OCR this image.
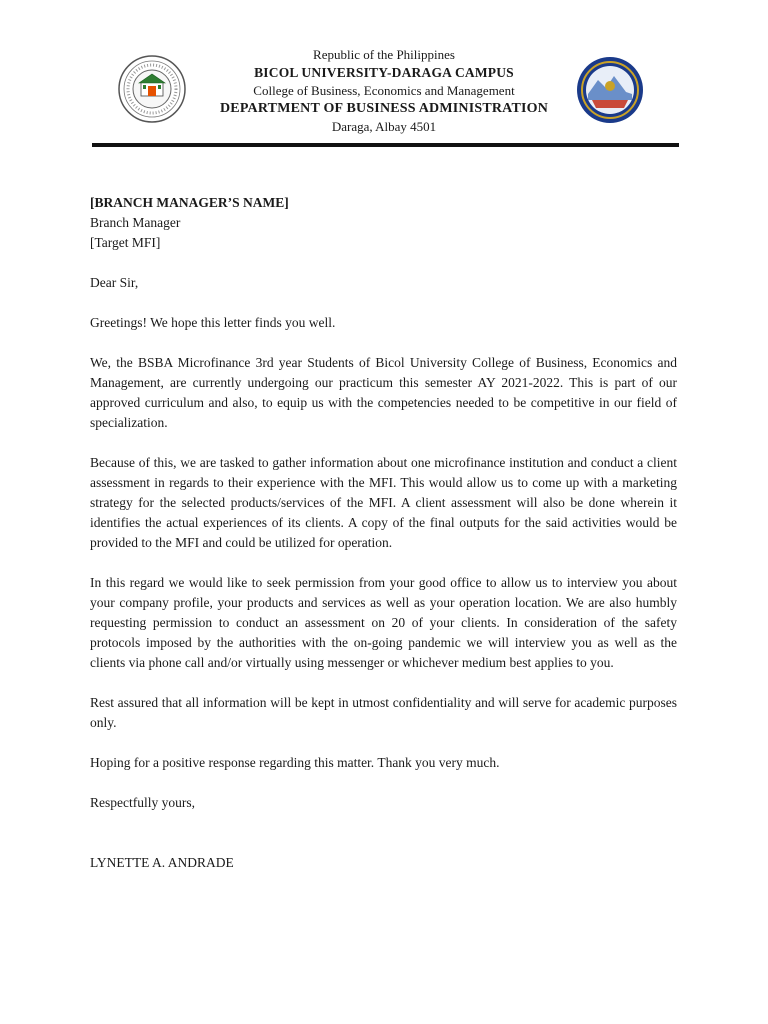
Republic of the Philippines

BICOL UNIVERSITY-DARAGA CAMPUS

College of Business, Economics and Management

DEPARTMENT OF BUSINESS ADMINISTRATION

Daraga, Albay 4501

[BRANCH MANAGER’S NAME]

Branch Manager

[Target MFI]

Dear Sir,

Greetings! We hope this letter finds you well.

We, the BSBA Microfinance 3rd year Students of Bicol University College of Business, Economics and Management, are currently undergoing our practicum this semester AY 2021-2022. This is part of our approved curriculum and also, to equip us with the competencies needed to be competitive in our field of specialization.

Because of this, we are tasked to gather information about one microfinance institution and conduct a client assessment in regards to their experience with the MFI. This would allow us to come up with a marketing strategy for the selected products/services of the MFI. A client assessment will also be done wherein it identifies the actual experiences of its clients. A copy of the final outputs for the said activities would be provided to the MFI and could be utilized for operation.

In this regard we would like to seek permission from your good office to allow us to interview you about your company profile, your products and services as well as your operation location. We are also humbly requesting permission to conduct an assessment on 20 of your clients. In consideration of the safety protocols imposed by the authorities with the on-going pandemic we will interview you as well as the clients via phone call and/or virtually using messenger or whichever medium best applies to you.

Rest assured that all information will be kept in utmost confidentiality and will serve for academic purposes only.

Hoping for a positive response regarding this matter. Thank you very much.

Respectfully yours,

LYNETTE A. ANDRADE
